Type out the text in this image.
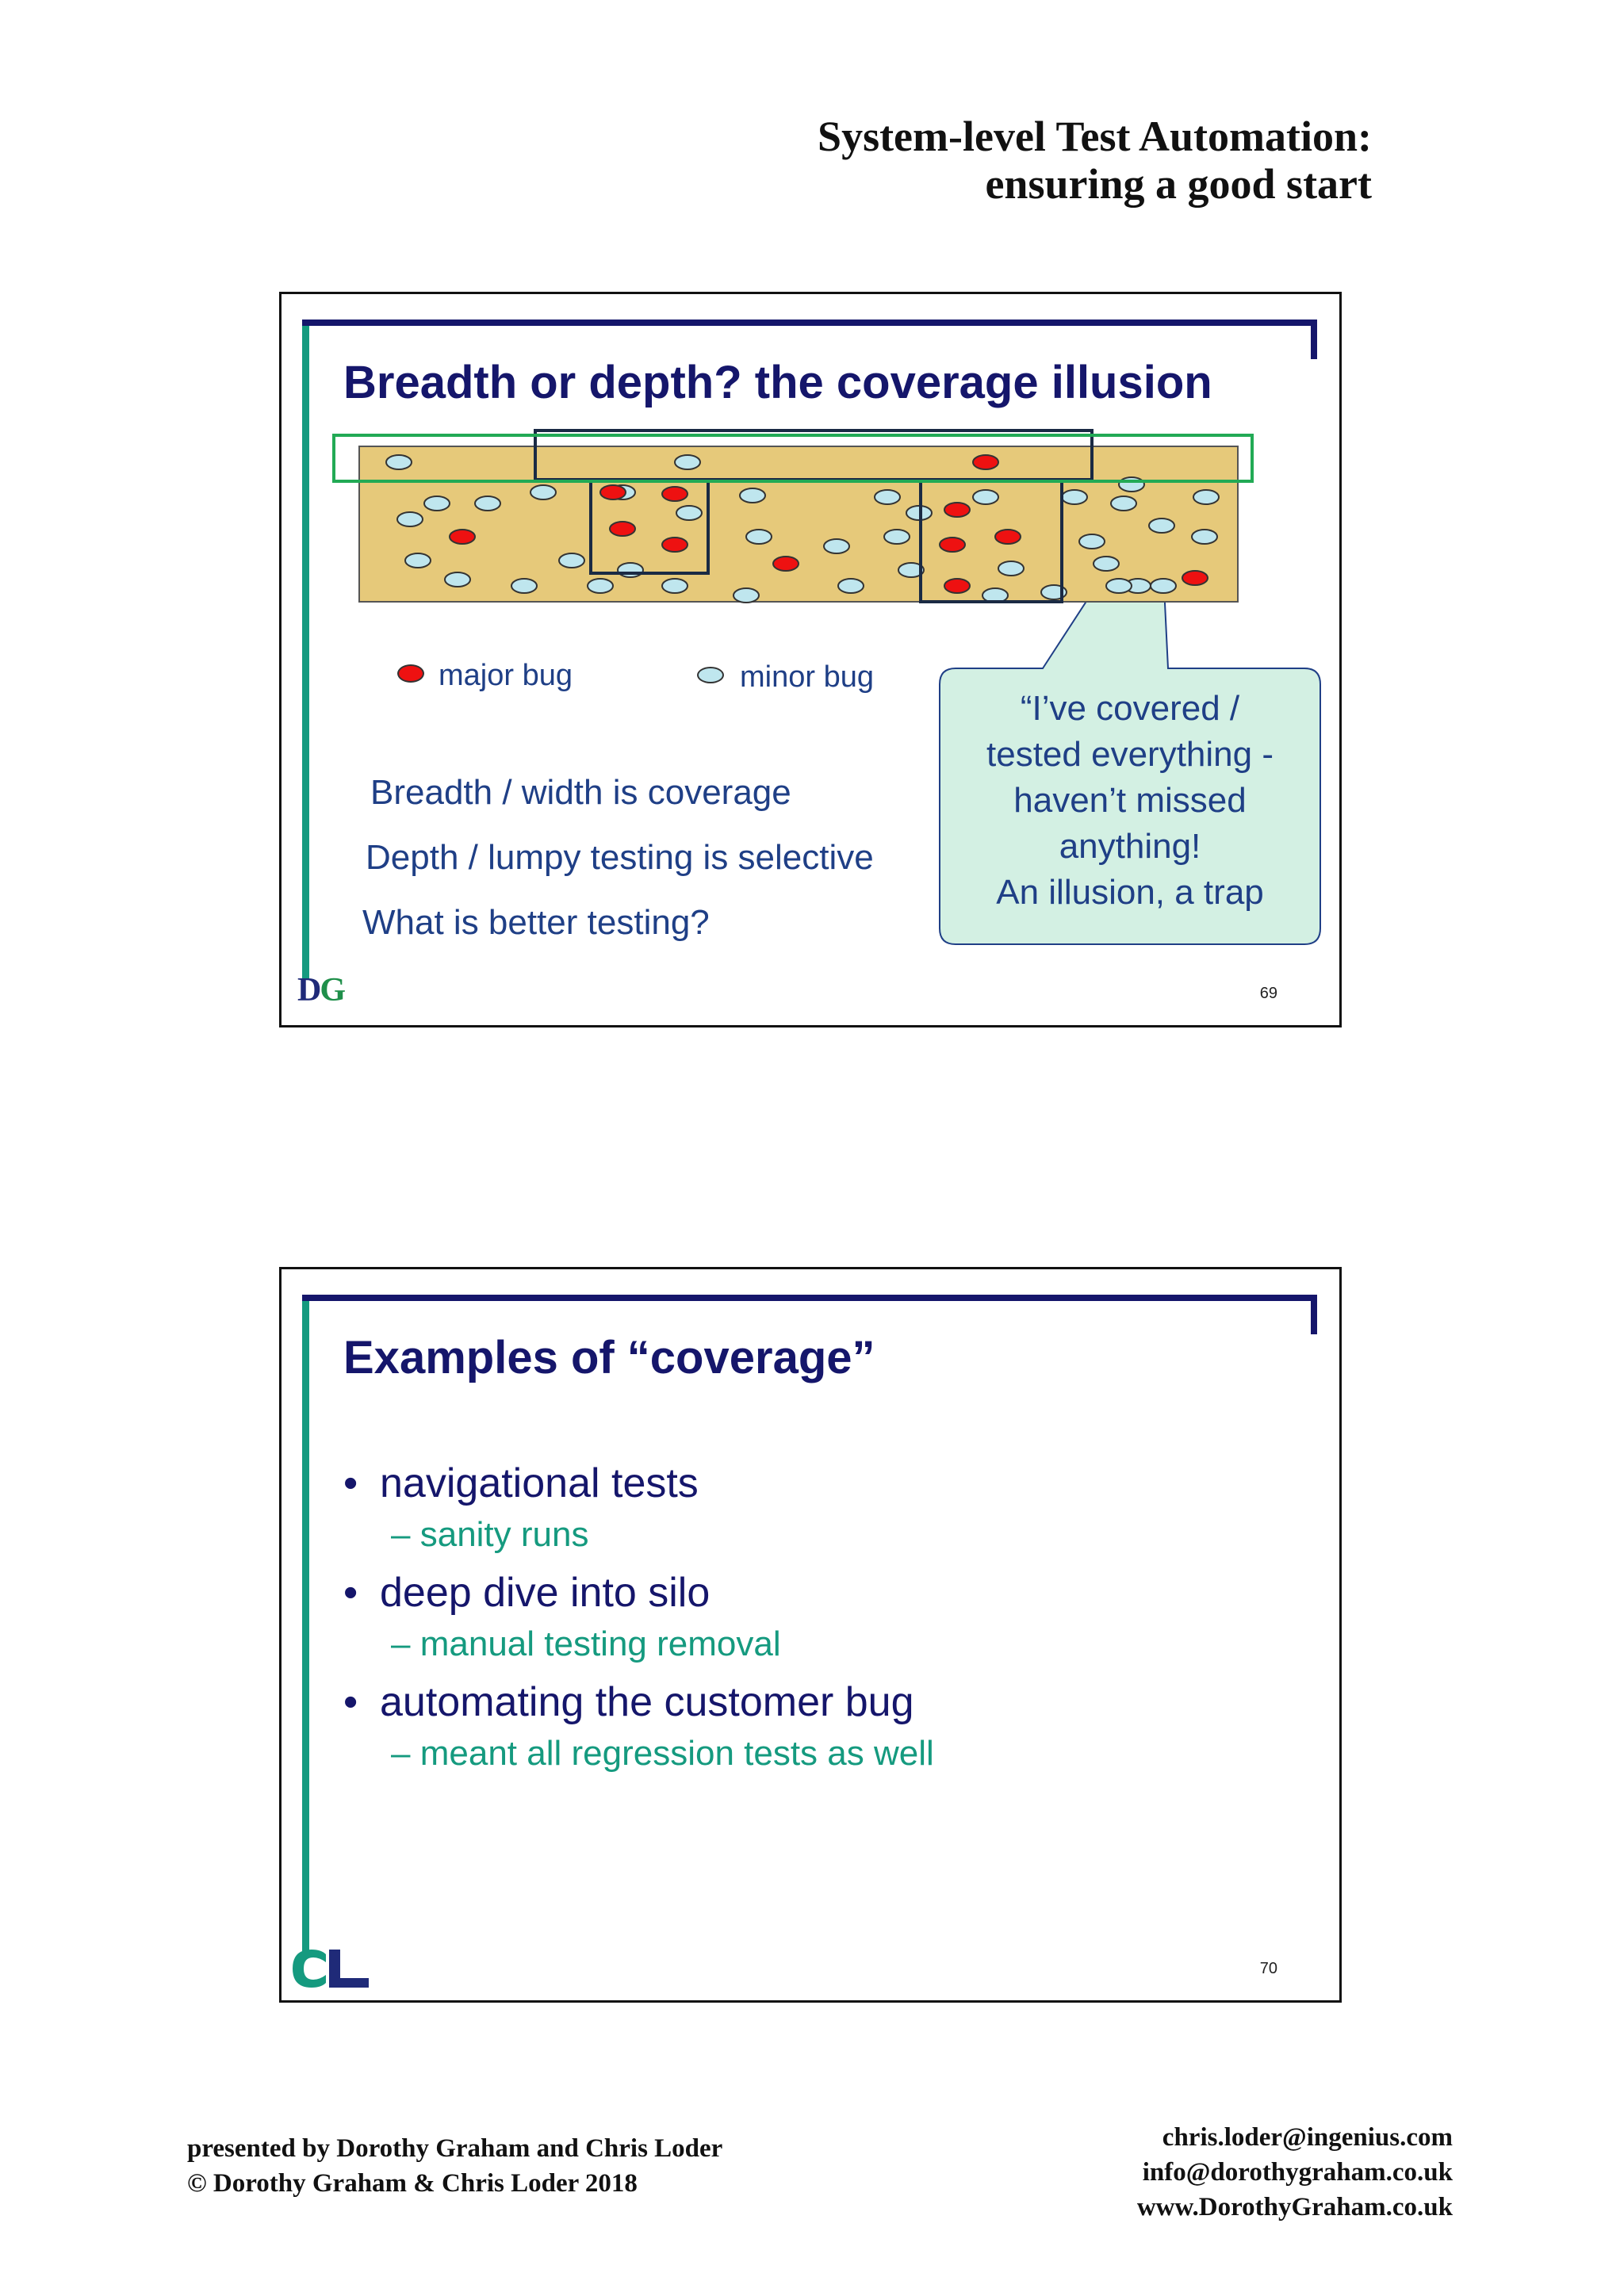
System-level Test Automation:
ensuring a good start
Breadth or depth? the coverage illusion
major bug	minor bug
Breadth / width is coverage
Depth / lumpy testing is selective
What is better testing?
“I’ve covered /
tested everything -
haven’t missed
anything!
An illusion, a trap
DG	69
Examples of “coverage”
• navigational tests
– sanity runs
• deep dive into silo
– manual testing removal
• automating the customer bug
– meant all regression tests as well
70
presented by Dorothy Graham and Chris Loder
© Dorothy Graham & Chris Loder 2018
chris.loder@ingenius.com
info@dorothygraham.co.uk
www.DorothyGraham.co.uk
